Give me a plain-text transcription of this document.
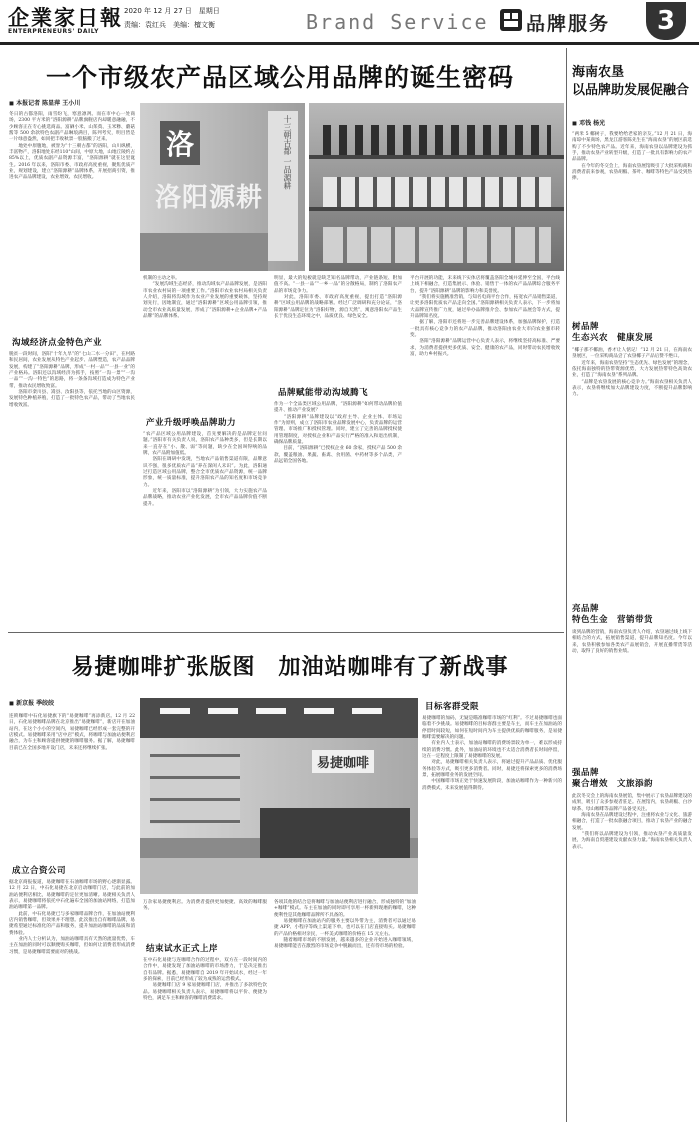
企業家日報
ENTERPRENEURS' DAILY
2020 年 12 月 27 日　星期日
责编：袁红兵　美编：檀文衡	Brand Service 品牌服务 3
一个市级农产品区域公用品牌的诞生密码
◼ 本报记者 陈显萍 王小川
冬日的古都洛阳，雨雪纷飞，寒意凛冽。而在市中心一处商场，2300 平方米的“洛阳源耕”品牌旗舰店内却暖意融融，不少顾客正在专心挑选商品。富硒小米、山茱萸、玉米糁、蘑菇酱等 500 余款特色农副产品琳琅满目，陈列考究，明目皆是一片绿意盎然，如同把丰收秋景一股脑搬了过来。
　　地处中原腹地，被誉为“十三朝古都”的洛阳，山川纵横，丰富物产，洛阳地处东经110°山间，中原大地，山地丘陵约占 85%以上，优质农副产品资源丰富，“洛阳源耕”就在这里诞生。2016 年以来，洛阳市委、市政府高度重视，聚焦优质产业，规划建设，建立“洛阳源耕”品牌体系，开展招商引资，推进农产品品牌建设，农业增效、农民增收。
沟域经济点金特色产业
脱贫一段时间，洛阳“十年九旱”的“七山二水一分田”，在村路和民居间，农业发展从特色产业起步、品牌塑造，农产品品牌发展，构建了“洛阳源耕”品牌，形成“一村一品”“一县一业”的产业格局。洛阳还以沟域经济为抓手，按照“一沟一景”“一沟一品”“一沟一特色”的思路，将一条条沟域打造成为特色产业带，推动农民增收致富。
　　洛阳市栾川县、嵩县、汝阳县等，依托当地的山区资源，发展特色种植养殖，打造了一批特色农产品，带动了当地农民增收致富。
洛
洛阳源耕
十三朝古都 一品源耕
机制的主动之举。
　　“发展沟域生态经济，推动沟域农产品品牌发展，是洛阳市农业农村局的一项重要工作。”洛阳市农业农村局相关负责人介绍，洛阳将沟域作为农业产业发展的重要载体，坚持规划先行，因地制宜，通过“洛阳源耕”区域公用品牌引领，推动全市农业高质量发展，形成了“洛阳源耕+企业品牌+产品品牌”的品牌体系。
产业升级呼唤品牌助力
“农产品区域公用品牌建设，首先要解决的是品牌定位问题。”洛阳市有关负责人说，洛阳农产品种类多，但是长期以来一直存在“小、散、弱”等问题，缺少在全国叫得响的品牌，农产品附加值低。
　　洛阳在调研中发现，当地农产品销售渠道有限，品牌意识不强，很多优质农产品“养在深闺人未识”。为此，洛阳通过打造区域公用品牌，整合全市优质农产品资源，统一品牌形象，统一质量标准，提升洛阳农产品的知名度和市场竞争力。
　　近年来，洛阳市以“洛阳源耕”为引领，大力实施农产品品牌战略，推动农业产业化发展，全市农产品品牌价值不断提升。
明显，最大的短板就是缺乏知名品牌带动，产业链条短、附加值不高。“一县一品”“一乡一品”的分散格局，制约了洛阳农产品的市场竞争力。
　　对此，洛阳市委、市政府高度重视，提出打造“洛阳源耕”区域公用品牌的战略部署。经过广泛调研和充分论证，“洛阳源耕”品牌定位为“洛阳好物，源自天然”，寓意洛阳农产品生长于优良生态环境之中，品质优良、绿色安全。
品牌赋能带动沟域腾飞
作为一个全品类区域公用品牌，“洛阳源耕”如何带动品牌价值提升、推动产业发展？
　　“洛阳源耕”品牌建设以“政府主导、企业主体、市场运作”为原则，成立了洛阳市农业品牌发展中心，负责品牌的运营管理、市场推广和授权管理。同时，建立了完善的品牌授权使用管理制度，对授权企业和产品实行严格的准入和退出机制，确保品牌质量。
　　目前，“洛阳源耕”已授权企业 60 余家，授权产品 500 余款，覆盖粮油、果蔬、畜禽、食用菌、中药材等多个品类，产品远销全国各地。
平台开展的功能，未来线下实体店将覆盖洛阳全城并延伸至全国，平台线上线下相融合，打造集展示、体验、销售于一体的农产品品牌综合服务平台，提升“洛阳源耕”品牌的影响力和美誉度。
　　“我们将实施精准营销，与知名电商平台合作，拓宽农产品销售渠道，让更多洛阳优质农产品走向全国。”洛阳源耕相关负责人表示，下一步将加大品牌宣传推广力度，通过举办品牌推介会、参加农产品展会等方式，提升品牌知名度。
　　据了解，洛阳市还将进一步完善品牌建设体系，加强品牌保护，打造一批具有核心竞争力的农产品品牌，推动洛阳由农业大市向农业强市转变。
　　洛阳“洛阳源耕”品牌运营中心负责人表示，将继续坚持高标准、严要求，为消费者提供更多优质、安全、健康的农产品，同时带动农民增收致富，助力乡村振兴。
易捷咖啡扩张版图　加油站咖啡有了新战事
◼ 新京报 季皎皎
连锁咖啡中石化易捷旗下的“易捷咖啡”再添新店。12 月 22 日，石化易捷咖啡品牌在北京推出“易捷咖啡”，新店开在加油站内，在这个小小的空间内，易捷咖啡已经形成一套完整的开店模式。易捷咖啡采用“店中店”模式，将咖啡与加油站便利店融合，为车主和顾客提供便捷的咖啡服务。据了解，易捷咖啡目前已在全国多地开设门店，未来还将继续扩张。
成立合资公司
据北京商报报道，易捷咖啡在石油咖啡市场的野心逐渐显露。12 月 22 日，中石化易捷在北京启动咖啡门店，与此前的加油站便利店相比，易捷咖啡的定位更加清晰。易捷相关负责人表示，易捷咖啡将依托中石化遍布全国的加油站网络，打造加油站咖啡第一品牌。
　　此前，中石化易捷已与多家咖啡品牌合作，在加油站便利店内销售咖啡，但效果并不理想。此次推出自有咖啡品牌，易捷希望通过标准化的产品和服务，提升加油站咖啡的品质和消费体验。
　　业内人士分析认为，加油站咖啡具有天然的流量优势，车主在加油的同时可以顺便购买咖啡，但如何让消费者形成消费习惯，是易捷咖啡需要面对的挑战。
易捷咖啡
万杂家易捷便利店。为消费者提供更加便捷、高效的咖啡服务。
结束试水正式上岸
在中石化易捷与连咖啡合作的过程中，双方在一段时间内的合作中，易捷发现了加油站咖啡的市场潜力，于是决定推出自有品牌。据悉，易捷咖啡自 2019 年开始试水，经过一年多的探索，目前已经形成了较为成熟的运营模式。
　　易捷咖啡门店 9 家易捷咖啡门店，并推出了多款特色饮品。易捷咖啡相关负责人表示，易捷咖啡将以平价、便捷为特色，满足车主和顾客的咖啡消费需求。
各项其他的结合是将咖啡与加油站便利店进行融合，形成独特的“加油+咖啡”模式。车主在加油的同时即可享用一杯新鲜现磨的咖啡，这种便利性是其他咖啡品牌所不具备的。
　　易捷咖啡在加油站内的服务主要以外带为主，消费者可以通过易捷 APP、小程序等线上渠道下单，也可以在门店直接购买。易捷咖啡的产品价格相对亲民，一杯美式咖啡的价格在 15 元左右。
　　随着咖啡市场的不断发展，越来越多的企业开始进入咖啡领域，易捷咖啡能否在激烈的市场竞争中脱颖而出，还有待市场的检验。
目标客群受限
易捷咖啡的加码，无疑是瞄准咖啡市场的“红利”。不过易捷咖啡也面临着不少挑战。易捷咖啡的目标客群主要是车主，而车主在加油站的停留时间较短，如何在短时间内为车主提供优质的咖啡服务，是易捷咖啡需要解决的问题。
　　有业内人士表示，加油站咖啡的消费场景较为单一，难以形成持续的消费习惯。此外，加油站的环境也不太适合消费者长时间停留，这在一定程度上限制了易捷咖啡的发展。
　　对此，易捷咖啡相关负责人表示，将通过提升产品品质、优化服务体验等方式，吸引更多消费者。同时，易捷还将探索更多的消费场景，拓展咖啡业务的发展空间。
　　中国咖啡市场正处于快速发展阶段，加油站咖啡作为一种新兴的消费模式，未来发展值得期待。
海南农垦
以品牌助发展促融合
◼ 邓钱 杨光
“两米 5 椰树子，我要给给老家的亲友。”12 月 21 日，海南琼中某商场，黑龙江游客陈先生在“海南农垦”的展区前选购了不少特色农产品。近年来，海南农垦以品牌建设为抓手，推动农垦产业转型升级，打造了一批具有影响力的农产品品牌。
　　在今年的冬交会上，海南农垦展馆吸引了大批采购商和消费者前来参观，农垦胡椒、茶叶、咖啡等特色产品受到热捧。
树品牌
生态兴农　健康发展
“椰子那不椰油，香才让人惦记！”12 月 21 日，在海南农垦展区，一位采购商品尝了农垦椰子产品后赞不绝口。
　　近年来，海南农垦坚持“生态优先、绿色发展”的理念，依托海南独特的热带资源优势，大力发展热带特色高效农业，打造了“海南农垦”系列品牌。
　　“品牌是农垦发展的核心竞争力。”海南农垦相关负责人表示，农垦将继续加大品牌建设力度，不断提升品牌影响力。
亮品牌
特色生金　营销带货
谈到品牌的营销，海南农垦负责人介绍，农垦通过线上线下相结合的方式，拓展销售渠道，提升品牌知名度。今年以来，农垦积极参加各类农产品展销会，开展直播带货等活动，取得了良好的销售业绩。
强品牌
聚合增效　文旅添韵
此次冬交会上的海南农垦展馆，集中展示了农垦品牌建设的成果，吸引了众多参观者驻足。在展馆内，农垦胡椒、白沙绿茶、母山咖啡等品牌产品备受关注。
　　海南农垦在品牌建设过程中，注重将农业与文化、旅游相融合，打造了一批农旅融合项目，推动了农垦产业的融合发展。
　　“我们将以品牌建设为引领，推动农垦产业高质量发展，为海南自贸港建设贡献农垦力量。”海南农垦相关负责人表示。
